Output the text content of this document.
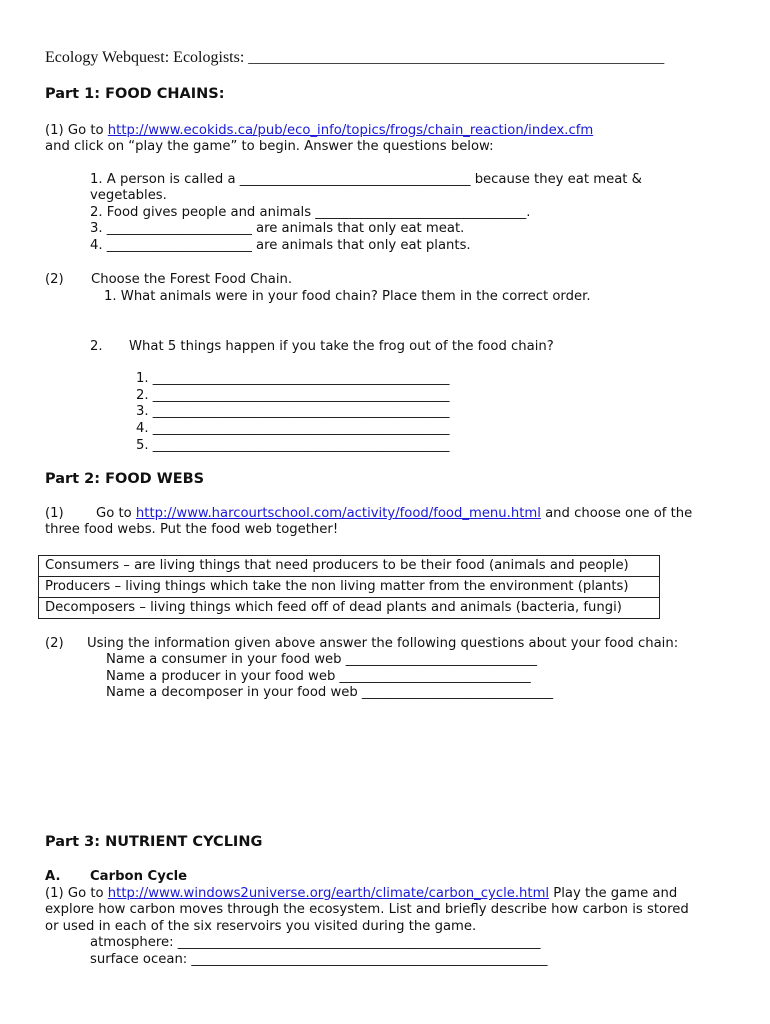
Ecology Webquest: Ecologists: ____________________________________________________
Part 1: FOOD CHAINS:
(1) Go to http://www.ecokids.ca/pub/eco_info/topics/frogs/chain_reaction/index.cfm
and click on “play the game” to begin. Answer the questions below:
1. A person is called a ___________________________________ because they eat meat &
vegetables.
2. Food gives people and animals ________________________________.
3. ______________________ are animals that only eat meat.
4. ______________________ are animals that only eat plants.
(2) Choose the Forest Food Chain.
1. What animals were in your food chain? Place them in the correct order.
2. What 5 things happen if you take the frog out of the food chain?
1. _____________________________________________
2. _____________________________________________
3. _____________________________________________
4. _____________________________________________
5. _____________________________________________
Part 2: FOOD WEBS
(1) Go to http://www.harcourtschool.com/activity/food/food_menu.html and choose one of the
three food webs. Put the food web together!
Consumers – are living things that need producers to be their food (animals and people)
Producers – living things which take the non living matter from the environment (plants)
Decomposers – living things which feed off of dead plants and animals (bacteria, fungi)
(2) Using the information given above answer the following questions about your food chain:
Name a consumer in your food web _____________________________
Name a producer in your food web _____________________________
Name a decomposer in your food web _____________________________
Part 3: NUTRIENT CYCLING
A. Carbon Cycle
(1) Go to http://www.windows2universe.org/earth/climate/carbon_cycle.html Play the game and
explore how carbon moves through the ecosystem. List and briefly describe how carbon is stored
or used in each of the six reservoirs you visited during the game.
atmosphere: _______________________________________________________
surface ocean: ______________________________________________________
